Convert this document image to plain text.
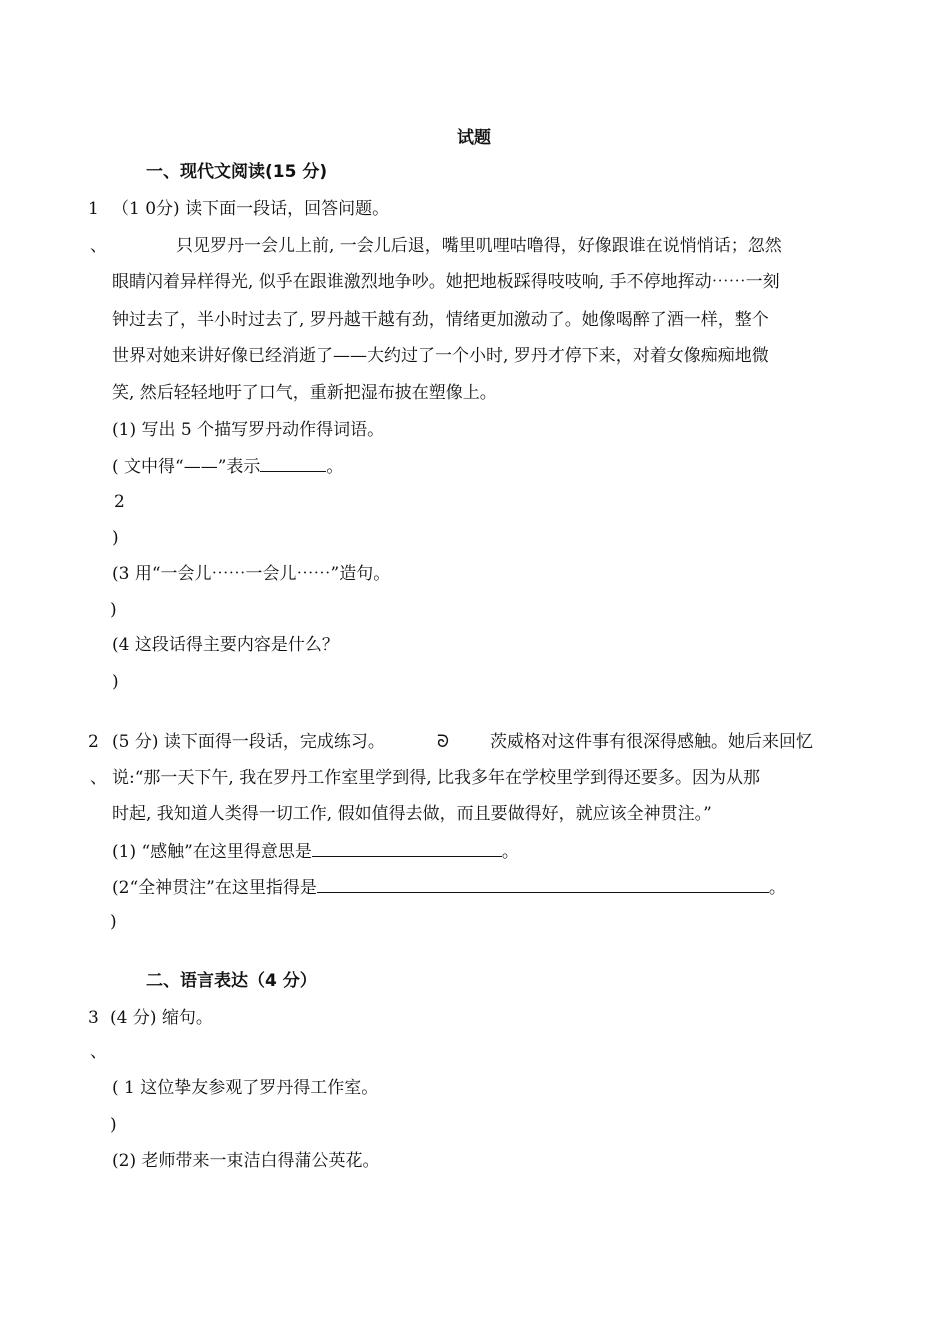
试题
一、现代文阅读(15 分)
1 （1 0分) 读下面一段话，回答问题。
、	只见罗丹一会儿上前, 一会儿后退，嘴里叽哩咕噜得，好像跟谁在说悄悄话；忽然
眼睛闪着异样得光, 似乎在跟谁激烈地争吵。她把地板踩得吱吱响, 手不停地挥动⋯⋯一刻
钟过去了，半小时过去了, 罗丹越干越有劲，情绪更加激动了。她像喝醉了酒一样，整个
世界对她来讲好像已经消逝了——大约过了一个小时, 罗丹才停下来，对着女像痴痴地微
笑, 然后轻轻地吁了口气，重新把湿布披在塑像上。
(1) 写出 5 个描写罗丹动作得词语。
( 文中得“——”表示	。
2
)
(3 用“一会儿⋯⋯一会儿⋯⋯”造句。
)
(4 这段话得主要内容是什么？
)
2 (5 分) 读下面得一段话，完成练习。	ᘐ 茨威格对这件事有很深得感触。她后来回忆
、 说:“那一天下午, 我在罗丹工作室里学到得, 比我多年在学校里学到得还要多。因为从那
时起, 我知道人类得一切工作, 假如值得去做，而且要做得好，就应该全神贯注。”
(1) “感触”在这里得意思是	。
(2“全神贯注”在这里指得是	。
)
二、语言表达（4 分）
3 (4 分) 缩句。
、
( 1 这位挚友参观了罗丹得工作室。
)
(2) 老师带来一束洁白得蒲公英花。
